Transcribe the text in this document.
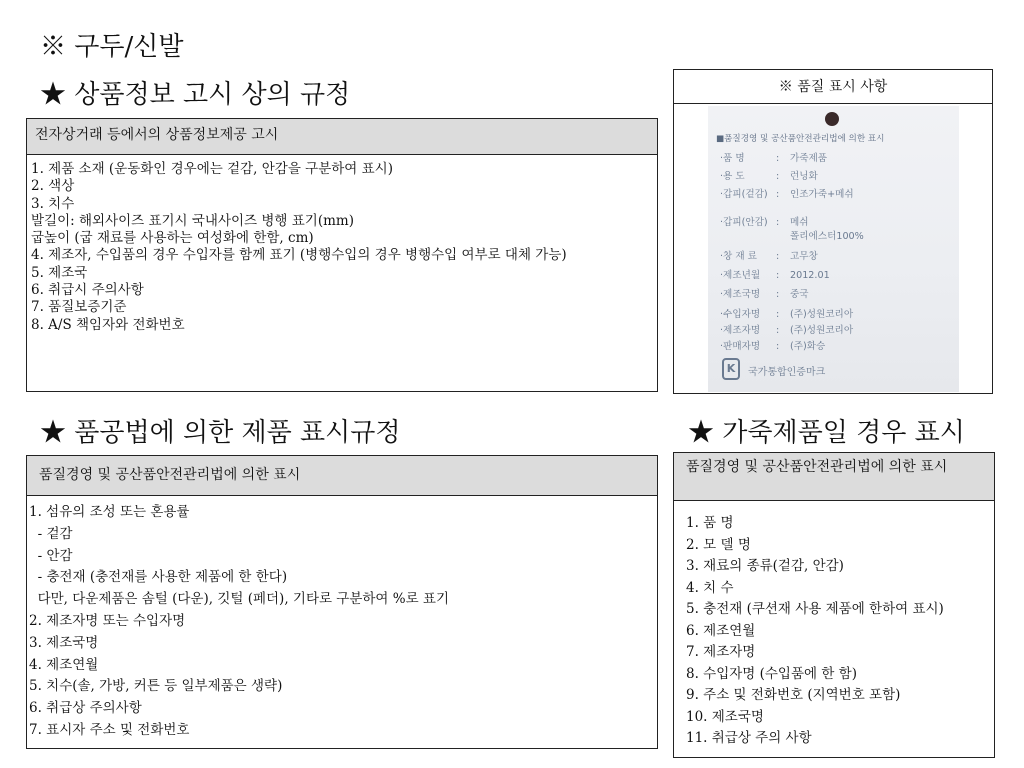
※ 구두/신발
★ 상품정보 고시 상의 규정
전자상거래 등에서의 상품정보제공 고시
1. 제품 소재 (운동화인 경우에는 겉감, 안감을 구분하여 표시)
2. 색상
3. 치수
발길이: 해외사이즈 표기시 국내사이즈 병행 표기(mm)
굽높이 (굽 재료를 사용하는 여성화에 한함, cm)
4. 제조자, 수입품의 경우 수입자를 함께 표기 (병행수입의 경우 병행수입 여부로 대체 가능)
5. 제조국
6. 취급시 주의사항
7. 품질보증기준
8. A/S 책임자와 전화번호
※ 품질 표시 사항
■품질경영 및 공산품안전관리법에 의한 표시
·품 명	: 가죽제품
·용 도	: 런닝화
·갑피(겉감) : 인조가죽+메쉬
·갑피(안감) : 메쉬
폴리에스터100%
·창 재 료 : 고무창
·제조년월 : 2012.01
·제조국명 : 중국
·수입자명 : (주)성원코리아
·제조자명 : (주)성원코리아
·판매자명 : (주)화승
K	국가통합인증마크
★ 품공법에 의한 제품 표시규정
품질경영 및 공산품안전관리법에 의한 표시
1. 섬유의 조성 또는 혼용률
- 겉감
- 안감
- 충전재 (충전재를 사용한 제품에 한 한다)
다만, 다운제품은 솜털 (다운), 깃털 (페더), 기타로 구분하여 %로 표기
2. 제조자명 또는 수입자명
3. 제조국명
4. 제조연월
5. 치수(솔, 가방, 커튼 등 일부제품은 생략)
6. 취급상 주의사항
7. 표시자 주소 및 전화번호
★ 가죽제품일 경우 표시
품질경영 및 공산품안전관리법에 의한 표시
1. 품 명
2. 모 델 명
3. 재료의 종류(겉감, 안감)
4. 치 수
5. 충전재 (쿠션재 사용 제품에 한하여 표시)
6. 제조연월
7. 제조자명
8. 수입자명 (수입품에 한 함)
9. 주소 및 전화번호 (지역번호 포함)
10. 제조국명
11. 취급상 주의 사항
